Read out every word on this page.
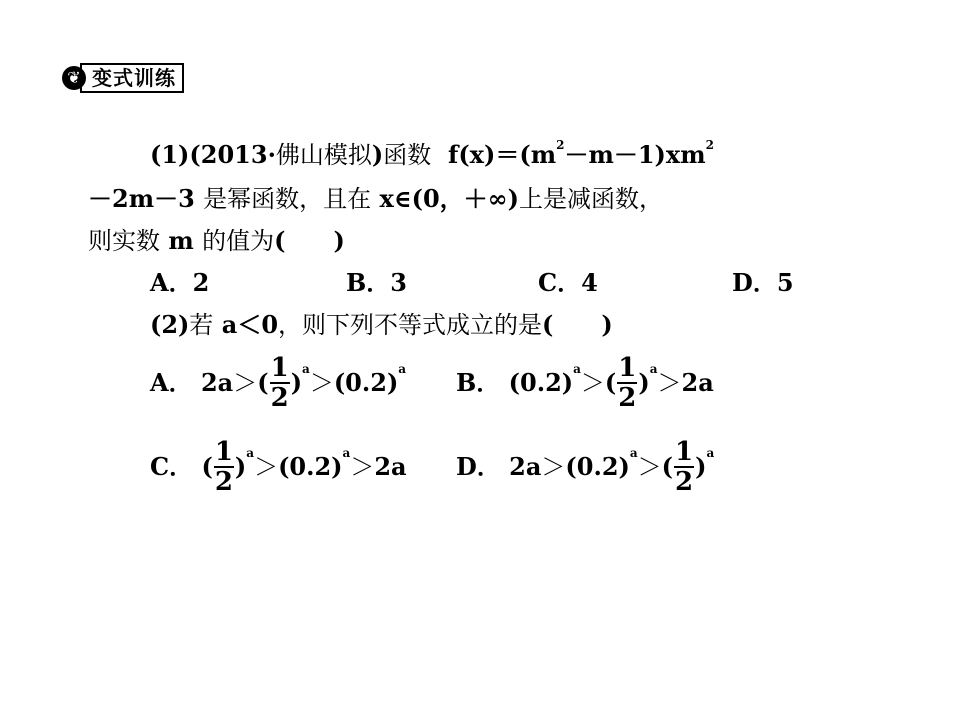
❦ 变式训练
(1)(2013·佛山模拟)函数 $f(x)=(m^2-m-1)xm^2$
－2m－3 是幂函数，且在 x∈(0，＋∞)上是减函数，
则实数 m 的值为(　　)
A．2	B．3	C．4	D．5
(2)若 a＜0，则下列不等式成立的是(　　)
A．
2a ＞ ( $\frac{1}{2} )^a > (0.2)^a$ B．
$(0.2)^a$ ＞ ( $\frac{1}{2} )^a > 2a$
C．
( $\frac{1}{2} )^a > (0.2)^a > 2a$ D．
$2a > (0.2)^a$ ＞ ( $\frac{1}{2} )^a$
